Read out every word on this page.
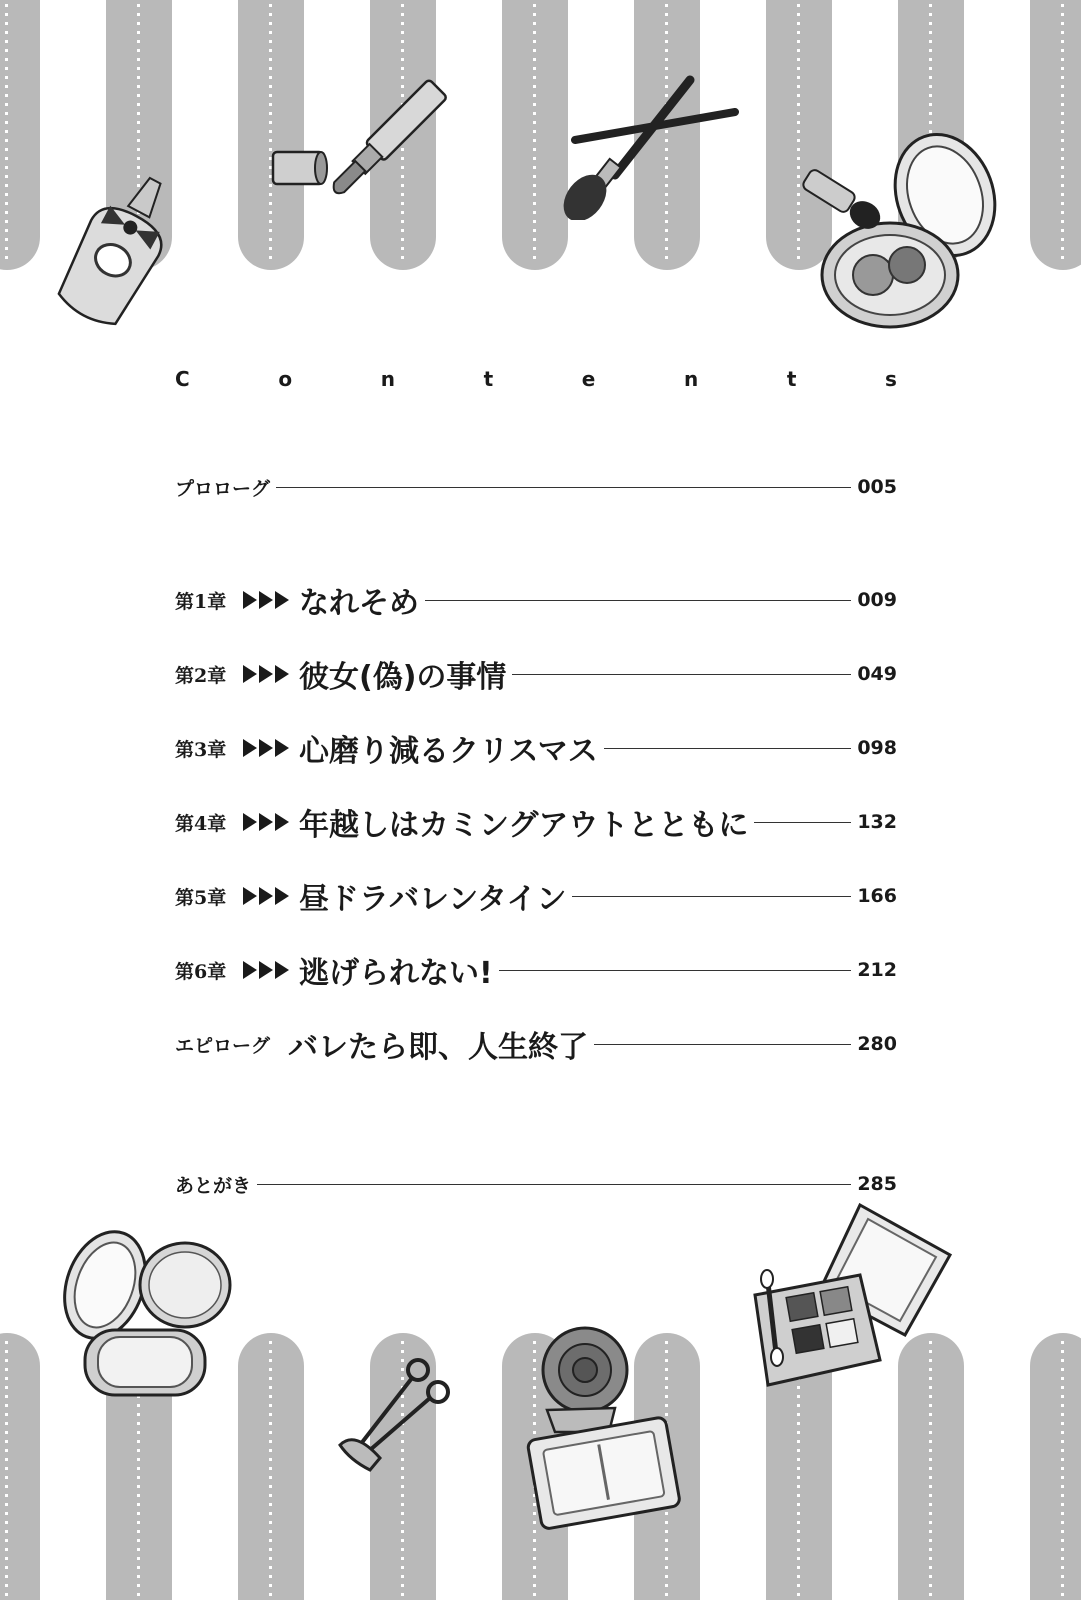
C	o	n	t	e	n	t	s
プロローグ	005
第1章	なれそめ	009
第2章	彼女(偽)の事情	049
第3章	心磨り減るクリスマス	098
第4章	年越しはカミングアウトとともに	132
第5章	昼ドラバレンタイン	166
第6章	逃げられない!	212
エピローグ バレたら即、人生終了	280
あとがき	285
